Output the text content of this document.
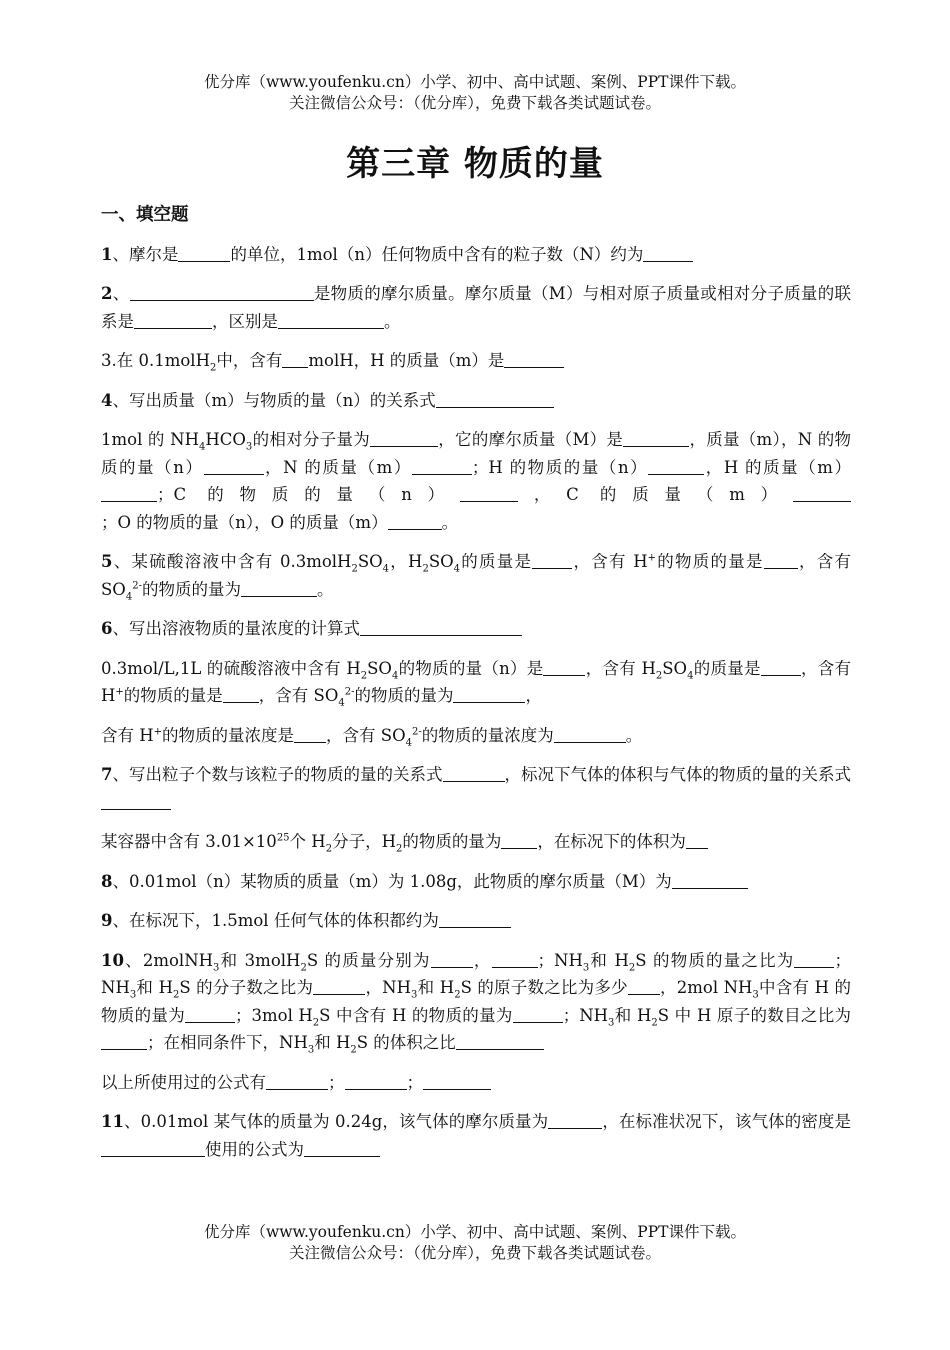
优分库（www.youfenku.cn）小学、初中、高中试题、案例、PPT课件下载。
关注微信公众号：（优分库），免费下载各类试题试卷。
第三章 物质的量
一、填空题

1、摩尔是	的单位，1mol（n）任何物质中含有的粒子数（N）约为

2、	是物质的摩尔质量。摩尔质量（M）与相对原子质量或相对分子质量的联系是	，区别是	。

3.在 0.1molH$_2$中，含有 molH，H 的质量（m）是

4、写出质量（m）与物质的量（n）的关系式

1mol 的 $NH_4HCO_3$的相对分子量为	，它的摩尔质量（M）是	，质量（m），N 的物质的量（n）	，N 的质量（m）	；H 的物质的量（n）	，H 的质量（m）；C 的物质的量（n）	，C 的质量（m）；O 的物质的量（n），O 的质量（m）	。

5、某硫酸溶液中含有 $0.3molH_2SO_4$，$H_2SO_4$的质量是 ，含有 H+的物质的量是 ，含有 $SO_4^{2-}$的物质的量为	。

6、写出溶液物质的量浓度的计算式

0.3mol/L,1L 的硫酸溶液中含有 $H_2SO_4$的物质的量（n）是	，含有 $H_2SO_4$的质量是 ，含有 H+的物质的量是 ，含有 $SO_4^{2-}$的物质的量为	，

含有 H+的物质的量浓度是 ，含有 $SO_4^{2-}$的物质的量浓度为	。

7、写出粒子个数与该粒子的物质的量的关系式	，标况下气体的体积与气体的物质的量的关系式

某容器中含有 $3.01\times 10^{25}$个 $H_2$分子，$H_2$的物质的量为 ，在标况下的体积为

8、0.01mol（n）某物质的质量（m）为 1.08g，此物质的摩尔质量（M）为

9、在标况下，1.5mol 任何气体的体积都约为

10、2molNH$_3$和 3molH$_2$S 的质量分别为	，	；$NH_3$和 $H_2S$ 的物质的量之比为 ；$NH_3$和 $H_2S$ 的分子数之比为	，$NH_3$和 $H_2S$ 的原子数之比为多少 ，2mol $NH_3$中含有 H 的物质的量为	；3mol $H_2S$ 中含有 H 的物质的量为	；$NH_3$和 $H_2S$ 中 H 原子的数目之比为；在相同条件下，$NH_3$和 $H_2S$ 的体积之比

以上所使用过的公式有	；	；

11、0.01mol 某气体的质量为 0.24g，该气体的摩尔质量为	，在标准状况下，该气体的密度是使用的公式为

优分库（www.youfenku.cn）小学、初中、高中试题、案例、PPT课件下载。
关注微信公众号：（优分库），免费下载各类试题试卷。
